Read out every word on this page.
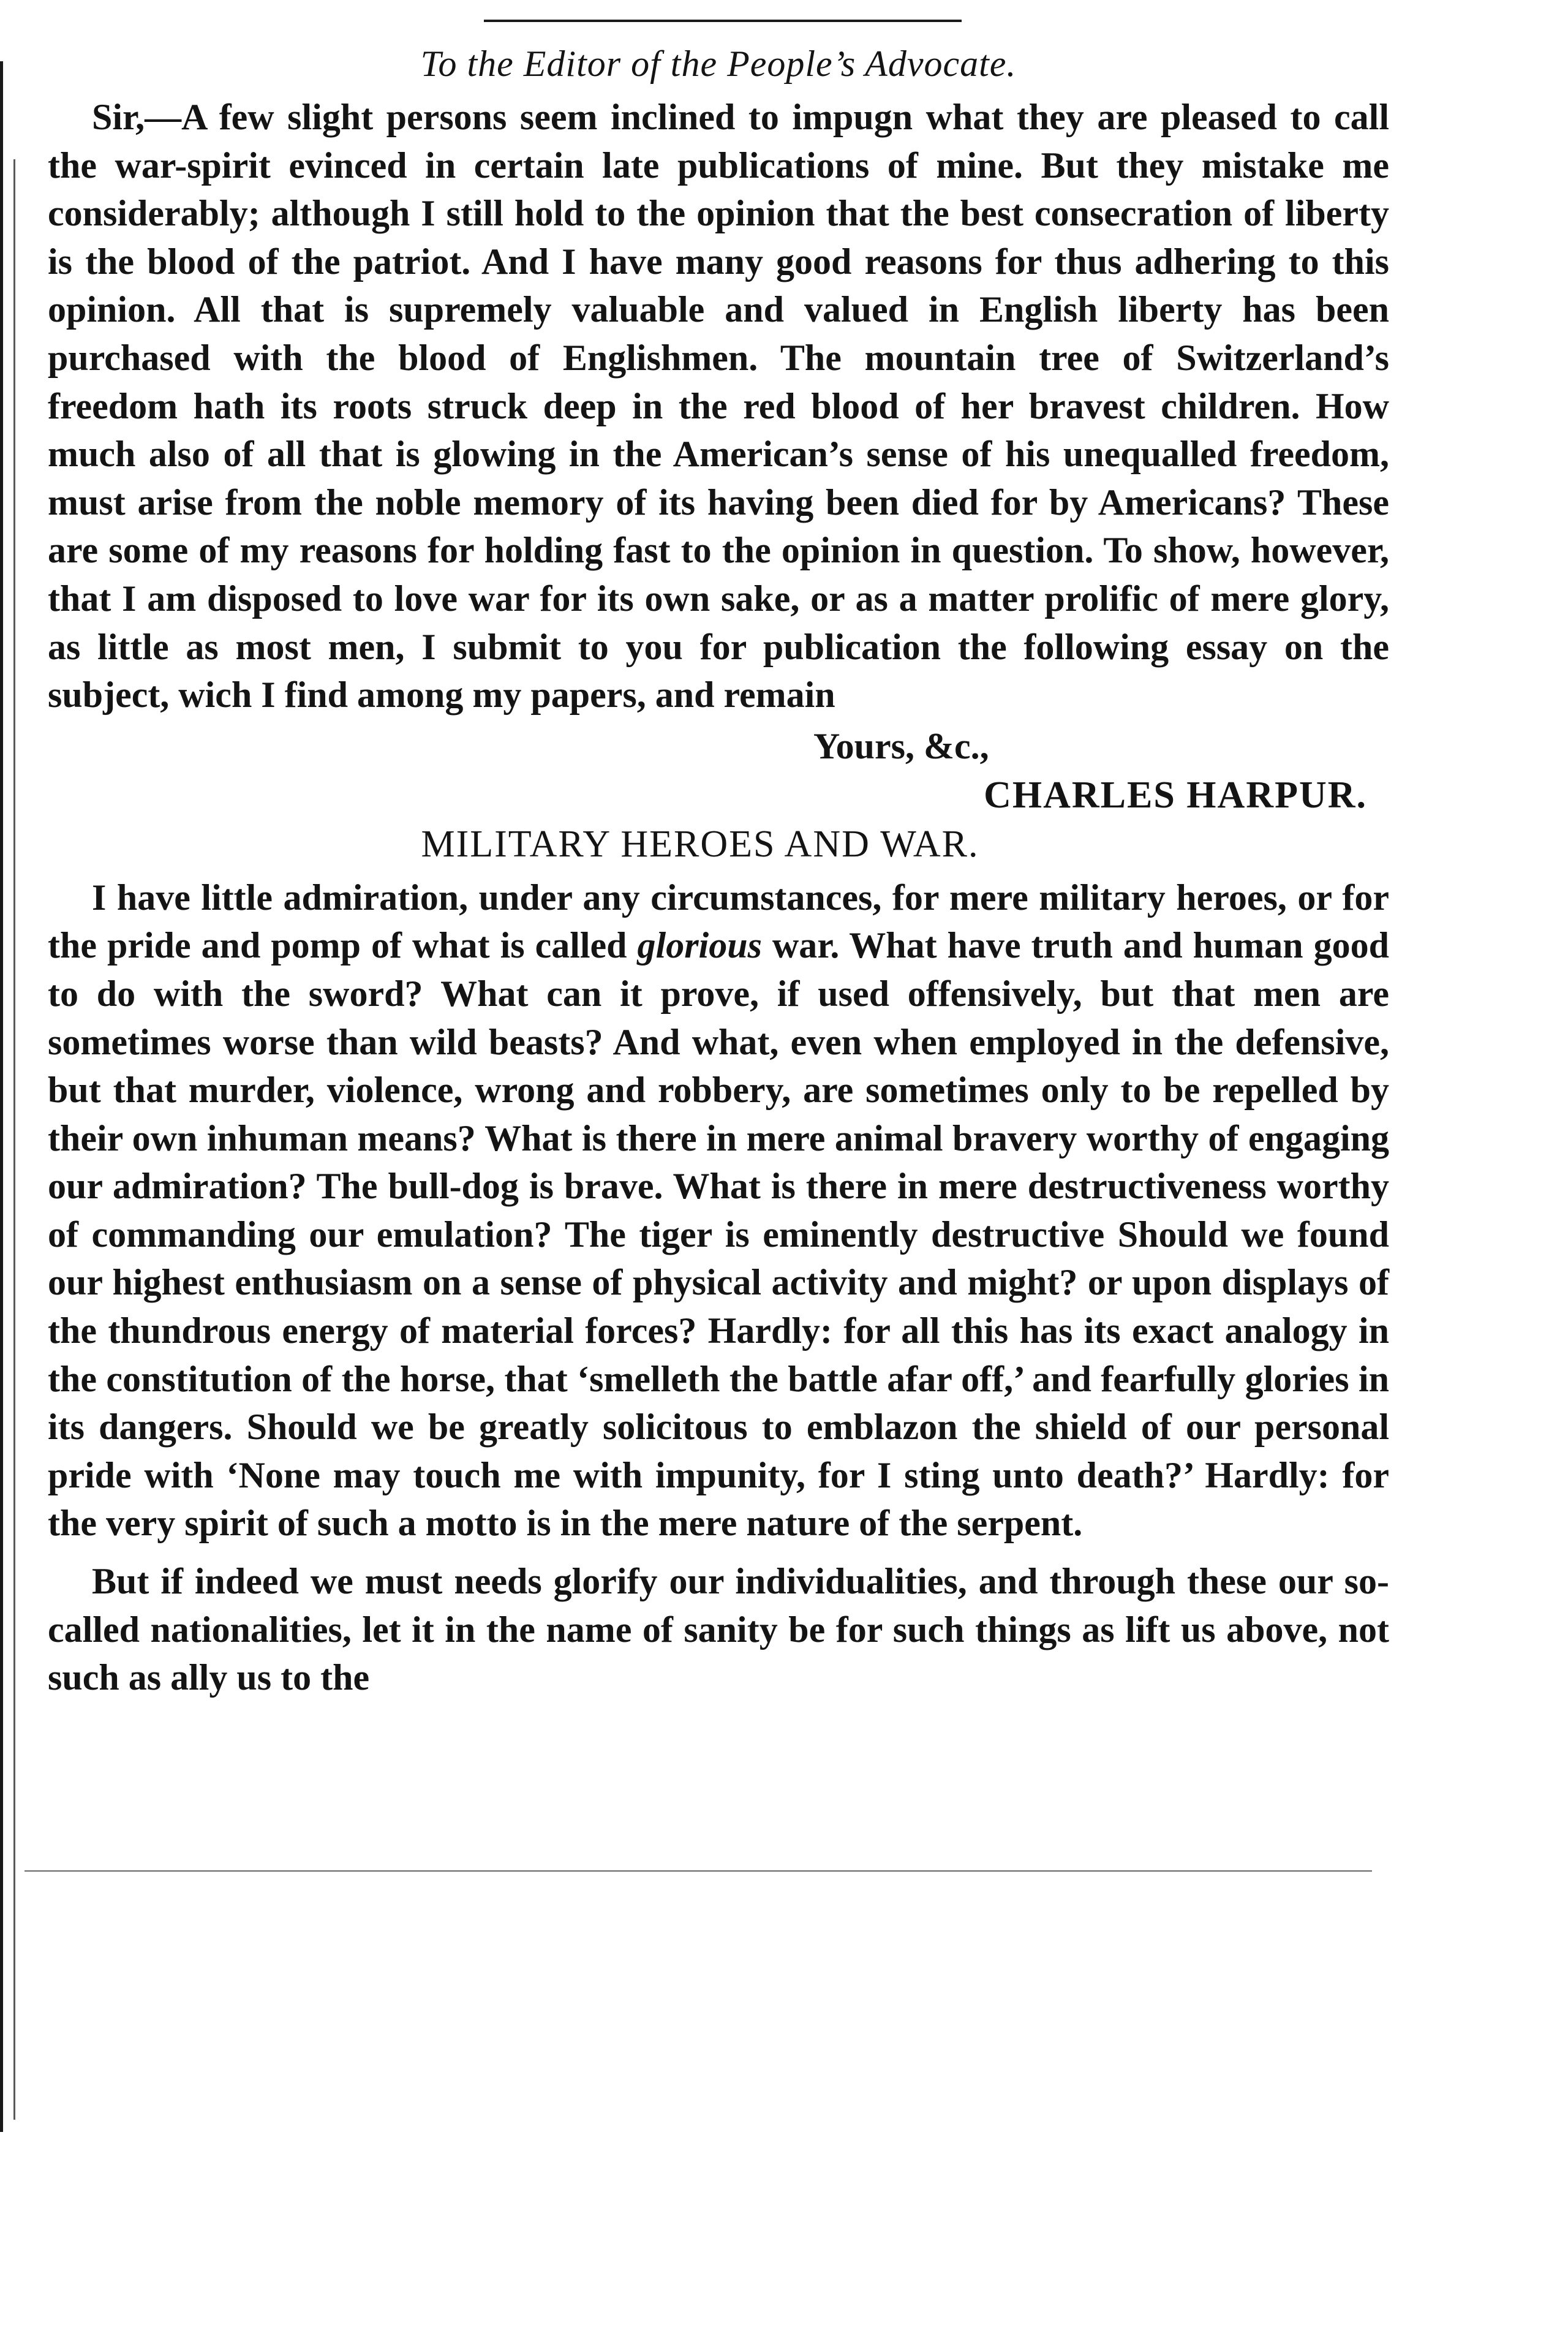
To the Editor of the People’s Advocate.

Sir,—A few slight persons seem inclined to impugn what they are pleased to call the war-spirit evinced in certain late publications of mine. But they mistake me considerably; although I still hold to the opinion that the best consecration of liberty is the blood of the patriot. And I have many good reasons for thus adhering to this opinion. All that is supremely valuable and valued in English liberty has been purchased with the blood of Englishmen. The mountain tree of Switzerland’s freedom hath its roots struck deep in the red blood of her bravest children. How much also of all that is glowing in the American’s sense of his unequalled freedom, must arise from the noble memory of its having been died for by Americans? These are some of my reasons for holding fast to the opinion in question. To show, however, that I am disposed to love war for its own sake, or as a matter prolific of mere glory, as little as most men, I submit to you for publication the following essay on the subject, wich I find among my papers, and remain

Yours, &c.,
CHARLES HARPUR.
MILITARY HEROES AND WAR.

I have little admiration, under any circumstances, for mere military heroes, or for the pride and pomp of what is called glorious war. What have truth and human good to do with the sword? What can it prove, if used offensively, but that men are sometimes worse than wild beasts? And what, even when employed in the defensive, but that murder, violence, wrong and robbery, are sometimes only to be repelled by their own inhuman means? What is there in mere animal bravery worthy of engaging our admiration? The bull-dog is brave. What is there in mere destructiveness worthy of commanding our emulation? The tiger is eminently destructive Should we found our highest enthusiasm on a sense of physical activity and might? or upon displays of the thundrous energy of material forces? Hardly: for all this has its exact analogy in the constitution of the horse, that ‘smelleth the battle afar off,’ and fearfully glories in its dangers. Should we be greatly solicitous to emblazon the shield of our personal pride with ‘None may touch me with impunity, for I sting unto death?’ Hardly: for the very spirit of such a motto is in the mere nature of the serpent.

But if indeed we must needs glorify our individualities, and through these our so-called nationalities, let it in the name of sanity be for such things as lift us above, not such as ally us to the
